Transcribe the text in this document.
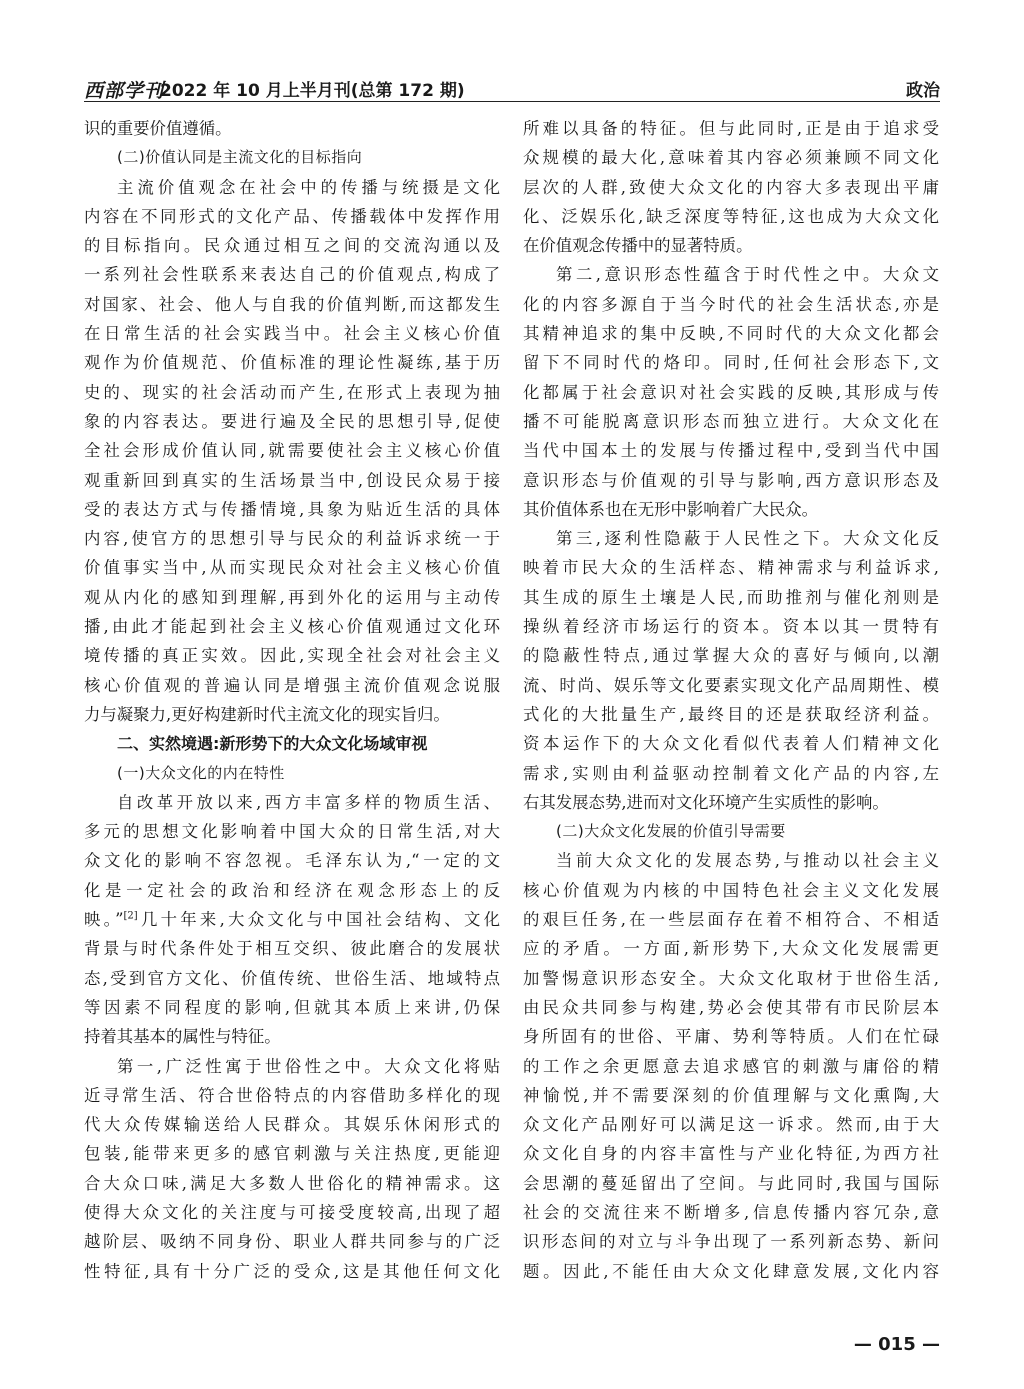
西部学刊
2022 年 10 月上半月刊(总第 172 期)	政治
识的重要价值遵循。
(二)价值认同是主流文化的目标指向
主流价值观念在社会中的传播与统摄是文化
内容在不同形式的文化产品、传播载体中发挥作用
的目标指向。民众通过相互之间的交流沟通以及
一系列社会性联系来表达自己的价值观点,构成了
对国家、社会、他人与自我的价值判断,而这都发生
在日常生活的社会实践当中。社会主义核心价值
观作为价值规范、价值标准的理论性凝练,基于历
史的、现实的社会活动而产生,在形式上表现为抽
象的内容表达。要进行遍及全民的思想引导,促使
全社会形成价值认同,就需要使社会主义核心价值
观重新回到真实的生活场景当中,创设民众易于接
受的表达方式与传播情境,具象为贴近生活的具体
内容,使官方的思想引导与民众的利益诉求统一于
价值事实当中,从而实现民众对社会主义核心价值
观从内化的感知到理解,再到外化的运用与主动传
播,由此才能起到社会主义核心价值观通过文化环
境传播的真正实效。因此,实现全社会对社会主义
核心价值观的普遍认同是增强主流价值观念说服
力与凝聚力,更好构建新时代主流文化的现实旨归。
二、实然境遇:新形势下的大众文化场域审视
(一)大众文化的内在特性
自改革开放以来,西方丰富多样的物质生活、
多元的思想文化影响着中国大众的日常生活,对大
众文化的影响不容忽视。毛泽东认为,“一定的文
化是一定社会的政治和经济在观念形态上的反
映。”[2]几十年来,大众文化与中国社会结构、文化
背景与时代条件处于相互交织、彼此磨合的发展状
态,受到官方文化、价值传统、世俗生活、地域特点
等因素不同程度的影响,但就其本质上来讲,仍保
持着其基本的属性与特征。
第一,广泛性寓于世俗性之中。大众文化将贴
近寻常生活、符合世俗特点的内容借助多样化的现
代大众传媒输送给人民群众。其娱乐休闲形式的
包装,能带来更多的感官刺激与关注热度,更能迎
合大众口味,满足大多数人世俗化的精神需求。这
使得大众文化的关注度与可接受度较高,出现了超
越阶层、吸纳不同身份、职业人群共同参与的广泛
性特征,具有十分广泛的受众,这是其他任何文化
所难以具备的特征。但与此同时,正是由于追求受
众规模的最大化,意味着其内容必须兼顾不同文化
层次的人群,致使大众文化的内容大多表现出平庸
化、泛娱乐化,缺乏深度等特征,这也成为大众文化
在价值观念传播中的显著特质。
第二,意识形态性蕴含于时代性之中。大众文
化的内容多源自于当今时代的社会生活状态,亦是
其精神追求的集中反映,不同时代的大众文化都会
留下不同时代的烙印。同时,任何社会形态下,文
化都属于社会意识对社会实践的反映,其形成与传
播不可能脱离意识形态而独立进行。大众文化在
当代中国本土的发展与传播过程中,受到当代中国
意识形态与价值观的引导与影响,西方意识形态及
其价值体系也在无形中影响着广大民众。
第三,逐利性隐蔽于人民性之下。大众文化反
映着市民大众的生活样态、精神需求与利益诉求,
其生成的原生土壤是人民,而助推剂与催化剂则是
操纵着经济市场运行的资本。资本以其一贯特有
的隐蔽性特点,通过掌握大众的喜好与倾向,以潮
流、时尚、娱乐等文化要素实现文化产品周期性、模
式化的大批量生产,最终目的还是获取经济利益。
资本运作下的大众文化看似代表着人们精神文化
需求,实则由利益驱动控制着文化产品的内容,左
右其发展态势,进而对文化环境产生实质性的影响。
(二)大众文化发展的价值引导需要
当前大众文化的发展态势,与推动以社会主义
核心价值观为内核的中国特色社会主义文化发展
的艰巨任务,在一些层面存在着不相符合、不相适
应的矛盾。一方面,新形势下,大众文化发展需更
加警惕意识形态安全。大众文化取材于世俗生活,
由民众共同参与构建,势必会使其带有市民阶层本
身所固有的世俗、平庸、势利等特质。人们在忙碌
的工作之余更愿意去追求感官的刺激与庸俗的精
神愉悦,并不需要深刻的价值理解与文化熏陶,大
众文化产品刚好可以满足这一诉求。然而,由于大
众文化自身的内容丰富性与产业化特征,为西方社
会思潮的蔓延留出了空间。与此同时,我国与国际
社会的交流往来不断增多,信息传播内容冗杂,意
识形态间的对立与斗争出现了一系列新态势、新问
题。因此,不能任由大众文化肆意发展,文化内容
— 015 —
